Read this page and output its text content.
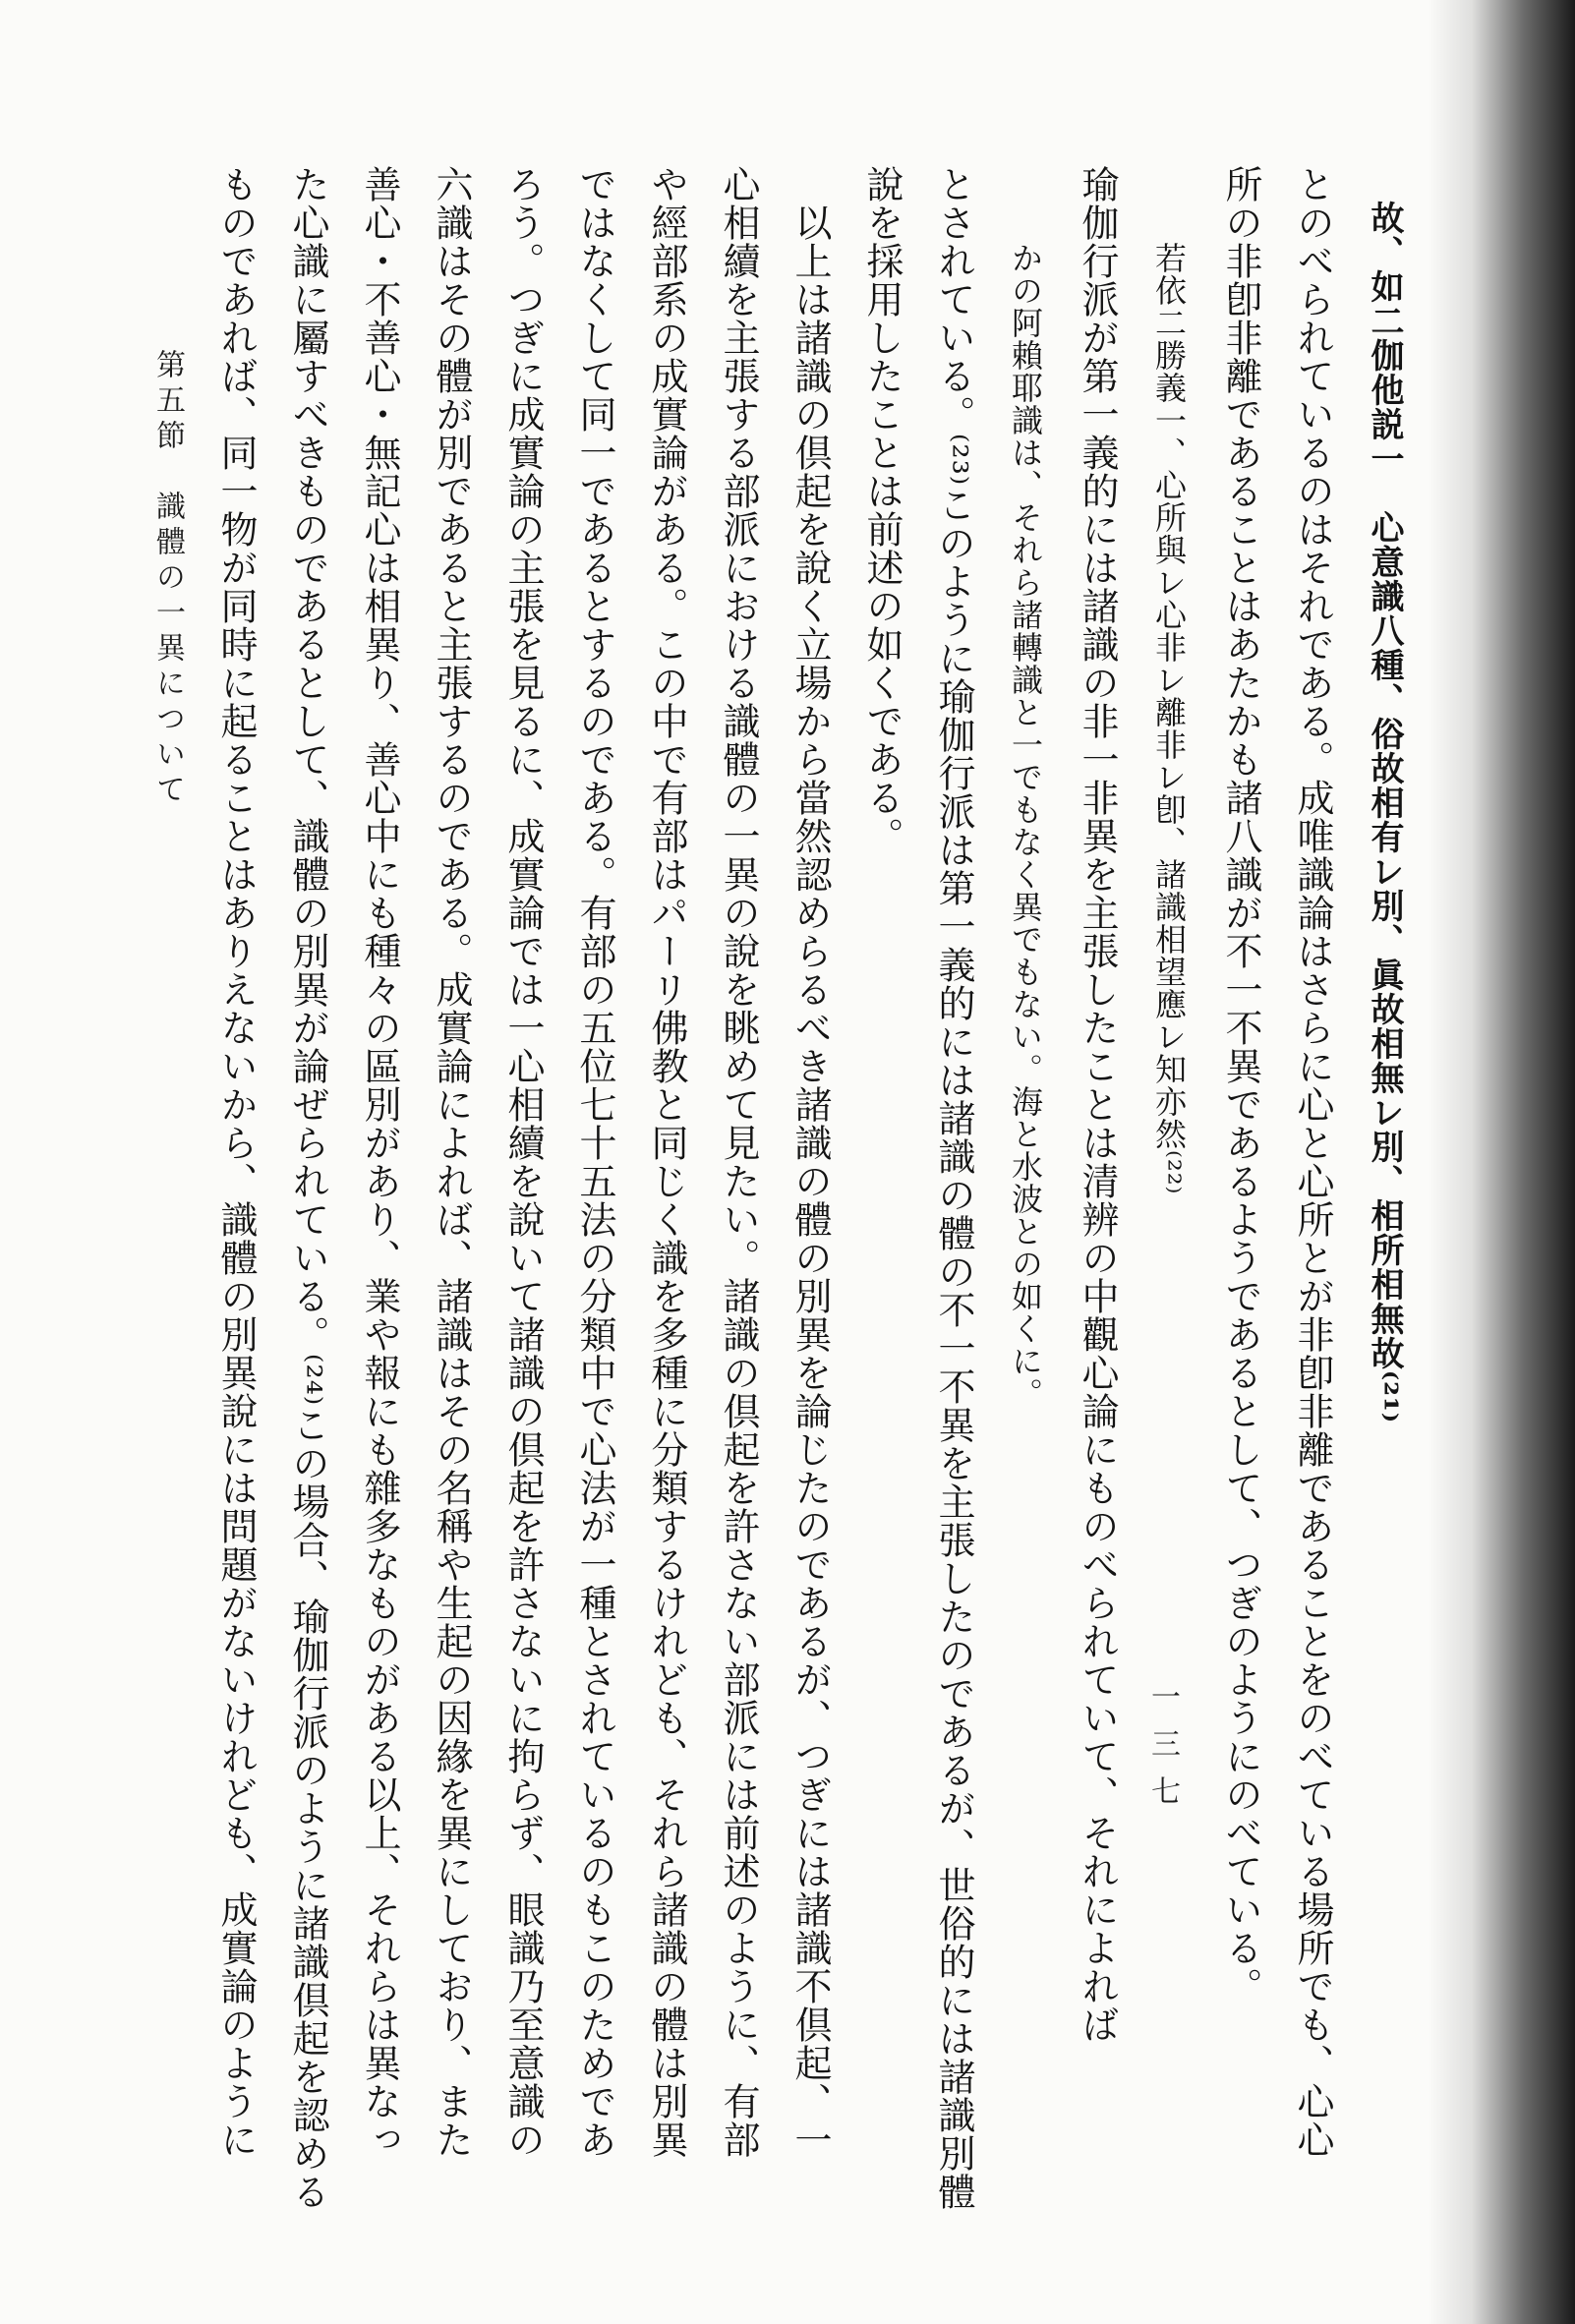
故、如二伽他説一　心意識八種、俗故相有レ別、眞故相無レ別、相所相無故⁽²¹⁾
とのべられているのはそれである。成唯識論はさらに心と心所とが非卽非離であることをのべている場所でも、心心
所の非卽非離であることはあたかも諸八識が不一不異であるようであるとして、つぎのようにのべている。
若依二勝義一、心所與レ心非レ離非レ卽、諸識相望應レ知亦然⁽²²⁾
瑜伽行派が第一義的には諸識の非一非異を主張したことは清辨の中觀心論にものべられていて、それによれば
かの阿賴耶識は、それら諸轉識と一でもなく異でもない。海と水波との如くに。
とされている。⁽²³⁾このように瑜伽行派は第一義的には諸識の體の不一不異を主張したのであるが、世俗的には諸識別體
說を採用したことは前述の如くである。
　以上は諸識の倶起を說く立場から當然認めらるべき諸識の體の別異を論じたのであるが、つぎには諸識不倶起、一
心相續を主張する部派における識體の一異の說を眺めて見たい。諸識の倶起を許さない部派には前述のように、有部
や經部系の成實論がある。この中で有部はパーリ佛教と同じく識を多種に分類するけれども、それら諸識の體は別異
ではなくして同一であるとするのである。有部の五位七十五法の分類中で心法が一種とされているのもこのためであ
ろう。つぎに成實論の主張を見るに、成實論では一心相續を說いて諸識の倶起を許さないに拘らず、眼識乃至意識の
六識はその體が別であると主張するのである。成實論によれば、諸識はその名稱や生起の因緣を異にしており、また
善心・不善心・無記心は相異り、善心中にも種々の區別があり、業や報にも雜多なものがある以上、それらは異なっ
た心識に屬すべきものであるとして、識體の別異が論ぜられている。⁽²⁴⁾この場合、瑜伽行派のように諸識倶起を認める
ものであれば、同一物が同時に起ることはありえないから、識體の別異說には問題がないけれども、成實論のように
第五節　識體の一異について
一三七
